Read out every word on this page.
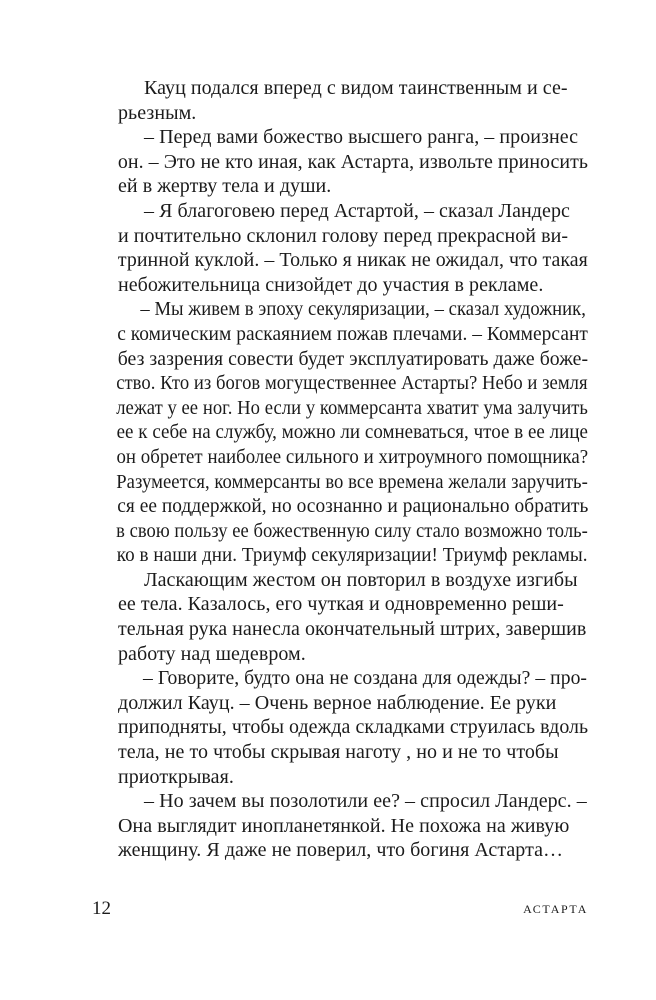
Кауц подался вперед с видом таинственным и се-
рьезным.

– Перед вами божество высшего ранга, – произнес
он. – Это не кто иная, как Астарта, извольте приносить
ей в жертву тела и души.

– Я благоговею перед Астартой, – сказал Ландерс
и почтительно склонил голову перед прекрасной ви-
тринной куклой. – Только я никак не ожидал, что такая
небожительница снизойдет до участия в рекламе.

– Мы живем в эпоху секуляризации, – сказал художник,
с комическим раскаянием пожав плечами. – Коммерсант
без зазрения совести будет эксплуатировать даже боже-
ство. Кто из богов могущественнее Астарты? Небо и земля
лежат у ее ног. Но если у коммерсанта хватит ума залучить
ее к себе на службу, можно ли сомневаться, чтое в ее лице
он обретет наиболее сильного и хитроумного помощника?
Разумеется, коммерсанты во все времена желали заручить-
ся ее поддержкой, но осознанно и рационально обратить
в свою пользу ее божественную силу стало возможно толь-
ко в наши дни. Триумф секуляризации! Триумф рекламы.

Ласкающим жестом он повторил в воздухе изгибы
ее тела. Казалось, его чуткая и одновременно реши-
тельная рука нанесла окончательный штрих, завершив
работу над шедевром.

– Говорите, будто она не создана для одежды? – про-
должил Кауц. – Очень верное наблюдение. Ее руки
приподняты, чтобы одежда складками струилась вдоль
тела, не то чтобы скрывая наготу , но и не то чтобы
приоткрывая.

– Но зачем вы позолотили ее? – спросил Ландерс. –
Она выглядит инопланетянкой. Не похожа на живую
женщину. Я даже не поверил, что богиня Астарта…

12	АСТАРТА
